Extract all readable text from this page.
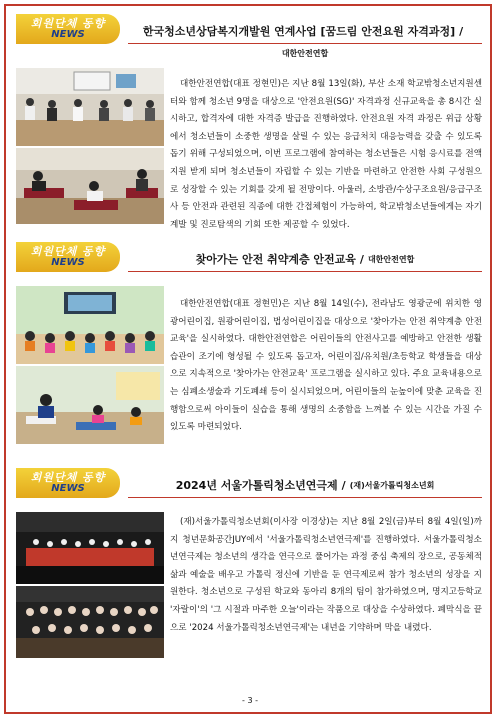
회원단체 동향
NEWS	한국청소년상담복지개발원 연계사업 [꿈드림 안전요원 자격과정] /
대한안전연합
대한안전연합(대표 정현민)은 지난 8월 13일(화), 부산 소재 학교밖청소년지원센터와 함께 청소년 9명을 대상으로 '안전요원(SG)' 자격과정 신규교육을 총 8시간 실시하고, 합격자에 대한 자격증 발급을 진행하였다. 안전요원 자격 과정은 위급 상황에서 청소년들이 소중한 생명을 살릴 수 있는 응급처치 대응능력을 갖출 수 있도록 돕기 위해 구성되었으며, 이번 프로그램에 참여하는 청소년들은 시험 응시료를 전액 지원 받게 되며 청소년들이 자립할 수 있는 기반을 마련하고 안전한 사회 구성원으로 성장할 수 있는 기회를 갖게 될 전망이다. 아울러, 소방관/수상구조요원/응급구조사 등 안전과 관련된 직종에 대한 간접체험이 가능하여, 학교밖청소년들에게는 자기계발 및 진로탐색의 기회 또한 제공할 수 있었다.
회원단체 동향
NEWS	찾아가는 안전 취약계층 안전교육 / 대한안전연합
대한안전연합(대표 정현민)은 지난 8월 14일(수), 전라남도 영광군에 위치한 영광어린이집, 원광어린이집, 법성어린이집을 대상으로 '찾아가는 안전 취약계층 안전교육'을 실시하였다. 대한안전연합은 어린이들의 안전사고를 예방하고 안전한 생활 습관이 조기에 형성될 수 있도록 돕고자, 어린이집/유치원/초등학교 학생들을 대상으로 지속적으로 '찾아가는 안전교육' 프로그램을 실시하고 있다. 주요 교육내용으로는 심폐소생술과 기도폐쇄 등이 실시되었으며, 어린이들의 눈높이에 맞춘 교육을 진행함으로써 아이들이 실습을 통해 생명의 소중함을 느껴볼 수 있는 시간을 가질 수 있도록 마련되었다.
회원단체 동향
NEWS	2024년 서울가톨릭청소년연극제 / (재)서울가톨릭청소년회
(재)서울가톨릭청소년회(이사장 이경상)는 지난 8월 2일(금)부터 8월 4일(일)까지 청년문화공간JUY에서 '서울가톨릭청소년연극제'를 진행하였다. 서울가톨릭청소년연극제는 청소년의 생각을 연극으로 풀어가는 과정 중심 축제의 장으로, 공동체적 삶과 예술을 배우고 가톨릭 정신에 기반을 둔 연극제로써 참가 청소년의 성장을 지원한다. 청소년으로 구성된 학교와 동아리 8개의 팀이 참가하였으며, 명지고등학교 '자랄이'의 '그 시절과 마주한 오늘'이라는 작품으로 대상을 수상하였다. 폐막식을 끝으로 '2024 서울가톨릭청소년연극제'는 내년을 기약하며 막을 내렸다.
- 3 -
